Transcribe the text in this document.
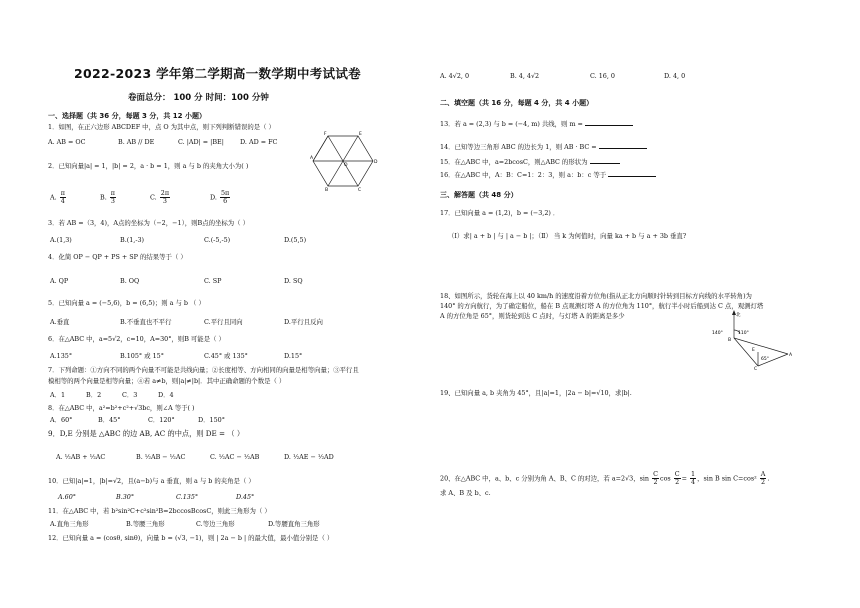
2022-2023 学年第二学期高一数学期中考试试卷
卷面总分： 100 分 时间：100 分钟
一、选择题（共 36 分，每题 3 分，共 12 小题）
1．如图，在正六边形 ABCDEF 中，点 O 为其中点，则下列判断错误的是（ ）
A. AB = OC	B. AB // DE	C. |AD| = |BE|	D. AD = FC
F	E
D
C
B
A
O
2．已知向量|a| = 1，|b| = 2，a · b = 1，则 a 与 b 的夹角大小为( )
A. $\frac{\pi}{4}$	B. $\frac{\pi}{3}$	C. $\frac{2\pi}{3}$	D. $\frac{5\pi}{6}$
3．若 AB =（3，4)，A点的坐标为（−2，−1），则B点的坐标为（ ）
A.(1,3)	B.(1,-3)	C.(-5,-5)	D.(5,5)
4．化简 OP − QP + PS + SP 的结果等于（ ）
A. QP	B. OQ	C. SP	D. SQ
5．已知向量 a = (−5,6)，b = (6,5)；则 a 与 b （ ）
A.垂直	B.不垂直也不平行	C.平行且同向	D.平行且反向
6．在△ABC 中，a=5√2，c=10，A=30°，则B 可能是（ ）
A.135°	B.105° 或 15°	C.45° 或 135°	D.15°
7．下列命题：①方向不同的两个向量不可能是共线向量；②长度相等、方向相同的向量是相等向量；③平行且
模相等的两个向量是相等向量；④若 a≠b，则|a|≠|b|．其中正确命题的个数是（ ）
A．1	B．2	C．3	D．4
8．在△ABC 中，a²=b²+c²+√3bc，则∠A 等于( )
A．60°	B．45°	C．120°	D．150°
9．D,E 分别是 △ABC 的边 AB, AC 的中点，则 DE = （ ）
A. ½AB + ½AC	B. ½AB − ½AC	C. ½AC − ½AB	D. ½AE − ½AD
10．已知|a|=1，|b|=√2，且(a−b)与 a 垂直，则 a 与 b 的夹角是（ ）
A.60°	B.30°	C.135°	D.45°
11．在△ABC 中，若 b²sin²C+c²sin²B=2bccosBcosC，则此三角形为（ ）
A.直角三角形	B.等腰三角形	C.等边三角形	D.等腰直角三角形
12．已知向量 a = (cosθ, sinθ)，向量 b = (√3, −1)，则 | 2a − b | 的最大值，最小值分别是（ ）
A. 4√2, 0	B. 4, 4√2	C. 16, 0	D. 4, 0
二、填空题（共 16 分，每题 4 分，共 4 小题）
13．若 a = (2,3) 与 b = (−4, m) 共线，则 m =
14．已知等边三角形 ABC 的边长为 1，则 AB · BC =
15．在△ABC 中，a=2bcosC，则△ABC 的形状为
16．在△ABC 中，A：B：C=1：2：3，则 a：b：c 等于
三、解答题（共 48 分）
17．已知向量 a = (1,2)，b = (−3,2) ．
（Ⅰ）求| a + b | 与 | a − b |；（Ⅱ） 当 k 为何值时，向量 ka + b 与 a + 3b 垂直?
18、如图所示，货轮在海上以 40 km/h 的速度沿着方位角(指从正北方向顺时针转到目标方向线的水平转角)为
140° 的方向航行，为了确定船位，船在 B 点观测灯塔 A 的方位角为 110°，航行半小时后船到达 C 点，观测灯塔
A 的方位角是 65°，则货轮到达 C 点时，与灯塔 A 的距离是多少	北
B
140°	110°
E
65°
A
C
19、已知向量 a, b 夹角为 45°，且|a|=1，|2a − b|=√10，求|b|.
20、在△ABC 中，a、b、c 分别为角 A、B、C 的对边，若 a=2√3，$\sin \frac{C}{2}$ $\cos \frac{C}{2} = \frac{1}{4}$ ，sin B $\sin C=\cos^2 \frac{A}{2}$ .
求 A、B 及 b、c.
